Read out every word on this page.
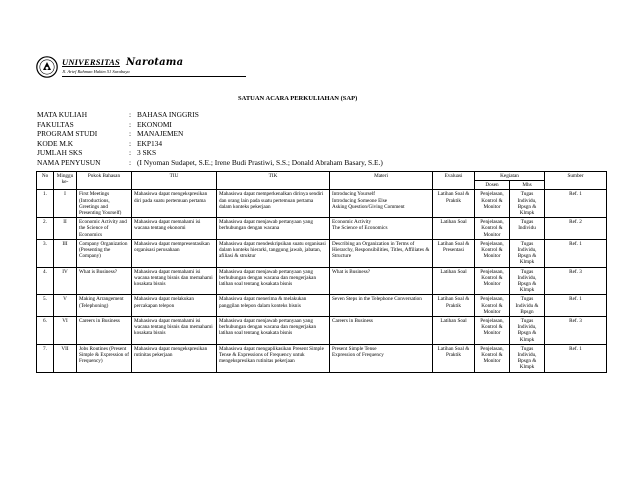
UNIVERSITAS Narotama
Jl. Arief Rahman Hakim 51 Surabaya
SATUAN ACARA PERKULIAHAN (SAP)
MATA KULIAH	: BAHASA INGGRIS
FAKULTAS	: EKONOMI
PROGRAM STUDI	: MANAJEMEN
KODE M.K	: EKP134
JUMLAH SKS	: 3 SKS
NAMA PENYUSUN	: (I Nyoman Sudapet, S.E.; Irene Budi Prastiwi, S.S.; Donald Abraham Basary, S.E.)
No	Minggu ke-	Pokok Bahasan	TIU	TIK	Materi	Evaluasi	Kegiatan		Sumber
							Dosen	Mhs	
1.	I	First Meetings (Introductions, Greetings and Presenting Yourself)	Mahasiswa dapat mengekspresikan diri pada suatu pertemuan pertama	Mahasiswa dapat memperkenalkan dirinya sendiri dan orang lain pada suatu pertemuan pertama dalam konteks pekerjaan	Introducing Yourself
Introducing Someone Else
Asking Question/Giving Comment	Latihan Soal & Praktik	Penjelasan, Kontrol & Monitor	Tugas Individu, Bpsgn & Klmpk	Ref. 1
2.	II	Economic Activity and the Science of Economics	Mahasiswa dapat memahami isi wacana tentang ekonomi	Mahasiswa dapat menjawab pertanyaan yang berhubungan dengan wacana	Economic Activity
The Science of Economics	Latihan Soal	Penjelasan, Kontrol & Monitor	Tugas Individu	Ref. 2
3.	III	Company Organization (Presenting the Company)	Mahasiswa dapat mempresentasikan organisasi perusahaan	Mahasiswa dapat mendeskripsikan suatu organisasi dalam konteks hierarki, tanggung jawab, jabatan, afiliasi & struktur	Describing an Organization in Terms of Hierarchy, Responsibilities, Titles, Affiliates & Structure	Latihan Soal & Presentasi	Penjelasan, Kontrol & Monitor	Tugas Individu, Bpsgn & Klmpk	Ref. 1
4.	IV	What is Business?	Mahasiswa dapat memahami isi wacana tentang bisnis dan memahami kosakata bisnis	Mahasiswa dapat menjawab pertanyaan yang berhubungan dengan wacana dan mengerjakan latihan soal tentang kosakata bisnis	What is Business?	Latihan Soal	Penjelasan, Kontrol & Monitor	Tugas Individu, Bpsgn & Klmpk	Ref. 3
5.	V	Making Arrangement (Telephoning)	Mahasiswa dapat melakukan percakapan telepon	Mahasiswa dapat menerima & melakukan panggilan telepon dalam konteks bisnis	Seven Steps in the Telephone Conversation	Latihan Soal & Praktik	Penjelasan, Kontrol & Monitor	Tugas Individu & Bpsgn	Ref. 1
6.	VI	Careers in Business	Mahasiswa dapat memahami isi wacana tentang bisnis dan memahami kosakata bisnis	Mahasiswa dapat menjawab pertanyaan yang berhubungan dengan wacana dan mengerjakan latihan soal tentang kosakata bisnis	Careers in Business	Latihan Soal	Penjelasan, Kontrol & Monitor	Tugas Individu, Bpsgn & Klmpk	Ref. 3
7.	VII	Jobs Routines (Present Simple & Expression of Frequency)	Mahasiswa dapat mengekspresikan rutinitas pekerjaan	Mahasiswa dapat mengaplikasikan Present Simple Tense & Expressions of Frequency untuk mengekspresikan rutinitas pekerjaan	Present Simple Tense
Expression of Frequency	Latihan Soal & Praktik	Penjelasan, Kontrol & Monitor	Tugas Individu, Bpsgn & Klmpk	Ref. 1
